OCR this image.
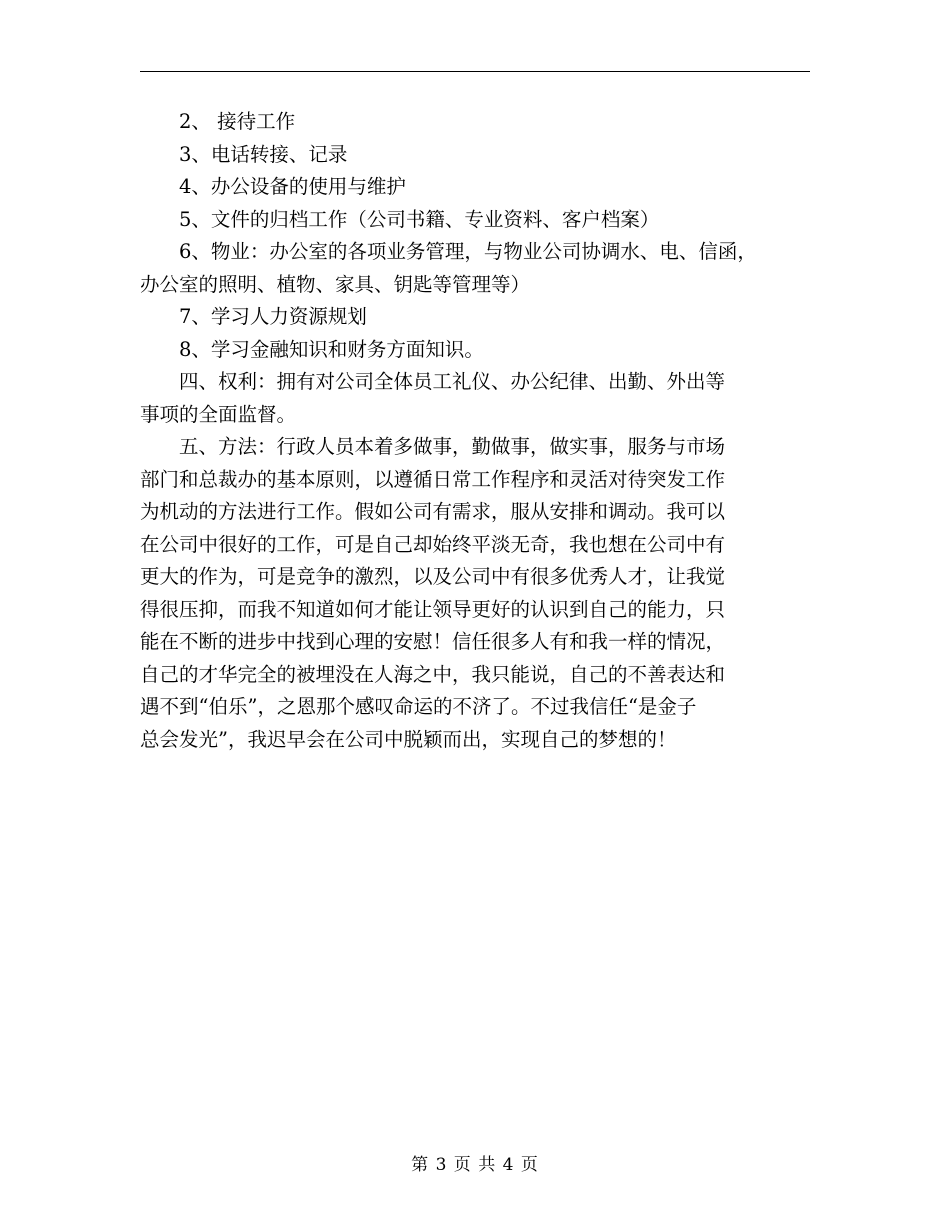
2、 接待工作
3、电话转接、记录
4、办公设备的使用与维护
5、文件的归档工作（公司书籍、专业资料、客户档案）
6、物业：办公室的各项业务管理，与物业公司协调水、电、信函，
办公室的照明、植物、家具、钥匙等管理等）
7、学习人力资源规划
8、学习金融知识和财务方面知识。
四、权利：拥有对公司全体员工礼仪、办公纪律、出勤、外出等
事项的全面监督。
五、方法：行政人员本着多做事，勤做事，做实事，服务与市场
部门和总裁办的基本原则，以遵循日常工作程序和灵活对待突发工作
为机动的方法进行工作。假如公司有需求，服从安排和调动。我可以
在公司中很好的工作，可是自己却始终平淡无奇，我也想在公司中有
更大的作为，可是竞争的激烈，以及公司中有很多优秀人才，让我觉
得很压抑，而我不知道如何才能让领导更好的认识到自己的能力，只
能在不断的进步中找到心理的安慰！信任很多人有和我一样的情况，
自己的才华完全的被埋没在人海之中，我只能说，自己的不善表达和
遇不到“伯乐”，之恩那个感叹命运的不济了。不过我信任“是金子
总会发光”，我迟早会在公司中脱颖而出，实现自己的梦想的！
第 3 页 共 4 页
